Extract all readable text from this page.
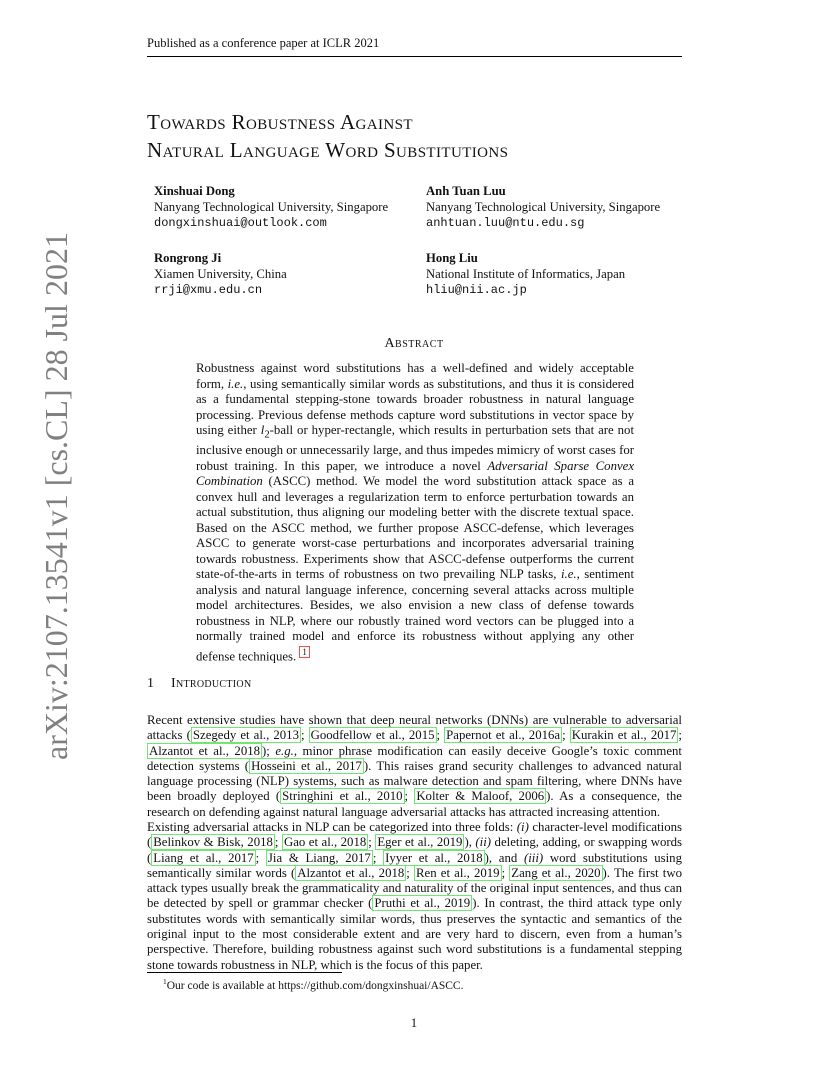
Published as a conference paper at ICLR 2021
Towards Robustness Against
Natural Language Word Substitutions
Xinshuai Dong
Nanyang Technological University, Singapore
dongxinshuai@outlook.com
Anh Tuan Luu
Nanyang Technological University, Singapore
anhtuan.luu@ntu.edu.sg
Rongrong Ji
Xiamen University, China
rrji@xmu.edu.cn
Hong Liu
National Institute of Informatics, Japan
hliu@nii.ac.jp
Abstract
Robustness against word substitutions has a well-defined and widely acceptable form, i.e., using semantically similar words as substitutions, and thus it is considered as a fundamental stepping-stone towards broader robustness in natural language processing. Previous defense methods capture word substitutions in vector space by using either $l_2$-ball or hyper-rectangle, which results in perturbation sets that are not inclusive enough or unnecessarily large, and thus impedes mimicry of worst cases for robust training. In this paper, we introduce a novel Adversarial Sparse Convex Combination (ASCC) method. We model the word substitution attack space as a convex hull and leverages a regularization term to enforce perturbation towards an actual substitution, thus aligning our modeling better with the discrete textual space. Based on the ASCC method, we further propose ASCC-defense, which leverages ASCC to generate worst-case perturbations and incorporates adversarial training towards robustness. Experiments show that ASCC-defense outperforms the current state-of-the-arts in terms of robustness on two prevailing NLP tasks, i.e., sentiment analysis and natural language inference, concerning several attacks across multiple model architectures. Besides, we also envision a new class of defense towards robustness in NLP, where our robustly trained word vectors can be plugged into a normally trained model and enforce its robustness without applying any other defense techniques. $^1$
1 Introduction
Recent extensive studies have shown that deep neural networks (DNNs) are vulnerable to adversarial attacks ( Szegedy et al., 2013 ; Goodfellow et al., 2015 ; Papernot et al., 2016a ; Kurakin et al., 2017 ; Alzantot et al., 2018 ); e.g., minor phrase modification can easily deceive Google’s toxic comment detection systems ( Hosseini et al., 2017 ). This raises grand security challenges to advanced natural language processing (NLP) systems, such as malware detection and spam filtering, where DNNs have been broadly deployed ( Stringhini et al., 2010 ; Kolter & Maloof, 2006 ). As a consequence, the research on defending against natural language adversarial attacks has attracted increasing attention.
Existing adversarial attacks in NLP can be categorized into three folds: (i) character-level modifications ( Belinkov & Bisk, 2018 ; Gao et al., 2018 ; Eger et al., 2019 ), (ii) deleting, adding, or swapping words ( Liang et al., 2017 ; Jia & Liang, 2017 ; Iyyer et al., 2018 ), and (iii) word substitutions using semantically similar words ( Alzantot et al., 2018 ; Ren et al., 2019 ; Zang et al., 2020 ). The first two attack types usually break the grammaticality and naturality of the original input sentences, and thus can be detected by spell or grammar checker ( Pruthi et al., 2019 ). In contrast, the third attack type only substitutes words with semantically similar words, thus preserves the syntactic and semantics of the original input to the most considerable extent and are very hard to discern, even from a human’s perspective. Therefore, building robustness against such word substitutions is a fundamental stepping stone towards robustness in NLP, which is the focus of this paper.
$^1$Our code is available at https://github.com/dongxinshuai/ASCC.
1
arXiv:2107.13541v1 [cs.CL] 28 Jul 2021
